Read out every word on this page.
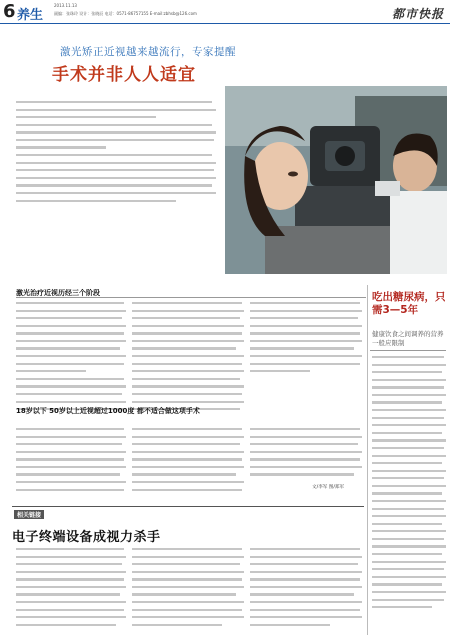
6 养生
2013.11.13
副编：张珠玲 设计：张晓辰 电话：0571-86757155 E-mail:zbhsb@126.com	都市快报
激光矫正近视越来越流行，专家提醒
手术并非人人适宜
激光治疗近视历经三个阶段
18岁以下 50岁以上近视超过1000度 都不适合做这项手术
文/李军 图/郑军
吃出糖尿病，只需3—5年
健康饮食之间调养的营养一般应限制
相关链接
电子终端设备成视力杀手
